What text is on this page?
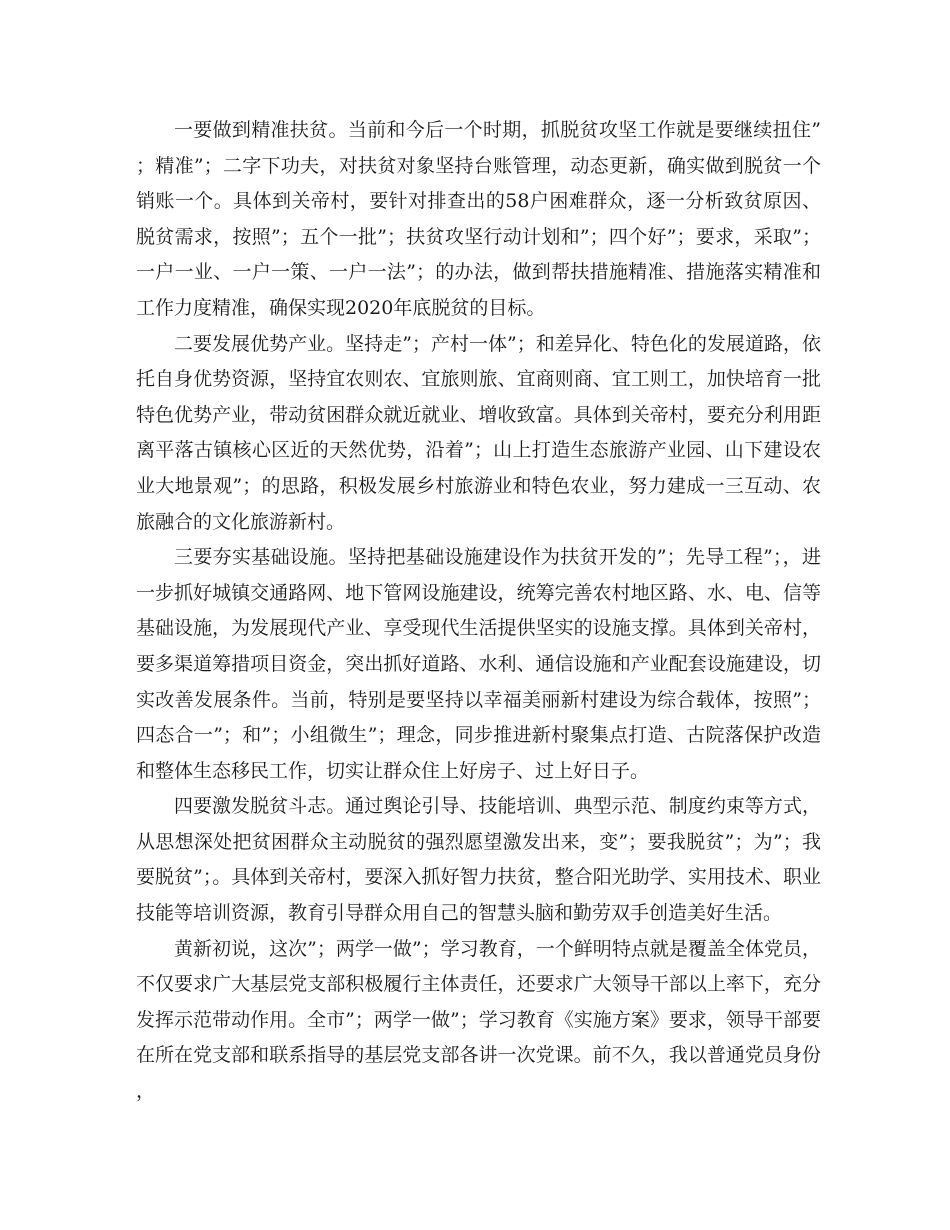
一要做到精准扶贫。当前和今后一个时期，抓脱贫攻坚工作就是要继续扭住”；精准”；二字下功夫，对扶贫对象坚持台账管理，动态更新，确实做到脱贫一个销账一个。具体到关帝村，要针对排查出的58户困难群众，逐一分析致贫原因、脱贫需求，按照”；五个一批”；扶贫攻坚行动计划和”；四个好”；要求，采取”；一户一业、一户一策、一户一法”；的办法，做到帮扶措施精准、措施落实精准和工作力度精准，确保实现2020年底脱贫的目标。

二要发展优势产业。坚持走”；产村一体”；和差异化、特色化的发展道路，依托自身优势资源，坚持宜农则农、宜旅则旅、宜商则商、宜工则工，加快培育一批特色优势产业，带动贫困群众就近就业、增收致富。具体到关帝村，要充分利用距离平落古镇核心区近的天然优势，沿着”；山上打造生态旅游产业园、山下建设农业大地景观”；的思路，积极发展乡村旅游业和特色农业，努力建成一三互动、农旅融合的文化旅游新村。

三要夯实基础设施。坚持把基础设施建设作为扶贫开发的”；先导工程”；，进一步抓好城镇交通路网、地下管网设施建设，统筹完善农村地区路、水、电、信等基础设施，为发展现代产业、享受现代生活提供坚实的设施支撑。具体到关帝村，要多渠道筹措项目资金，突出抓好道路、水利、通信设施和产业配套设施建设，切实改善发展条件。当前，特别是要坚持以幸福美丽新村建设为综合载体，按照”；四态合一”；和”；小组微生”；理念，同步推进新村聚集点打造、古院落保护改造和整体生态移民工作，切实让群众住上好房子、过上好日子。

四要激发脱贫斗志。通过舆论引导、技能培训、典型示范、制度约束等方式，从思想深处把贫困群众主动脱贫的强烈愿望激发出来，变”；要我脱贫”；为”；我要脱贫”；。具体到关帝村，要深入抓好智力扶贫，整合阳光助学、实用技术、职业技能等培训资源，教育引导群众用自己的智慧头脑和勤劳双手创造美好生活。

黄新初说，这次”；两学一做”；学习教育，一个鲜明特点就是覆盖全体党员，不仅要求广大基层党支部积极履行主体责任，还要求广大领导干部以上率下，充分发挥示范带动作用。全市”；两学一做”；学习教育《实施方案》要求，领导干部要在所在党支部和联系指导的基层党支部各讲一次党课。前不久，我以普通党员身份，
